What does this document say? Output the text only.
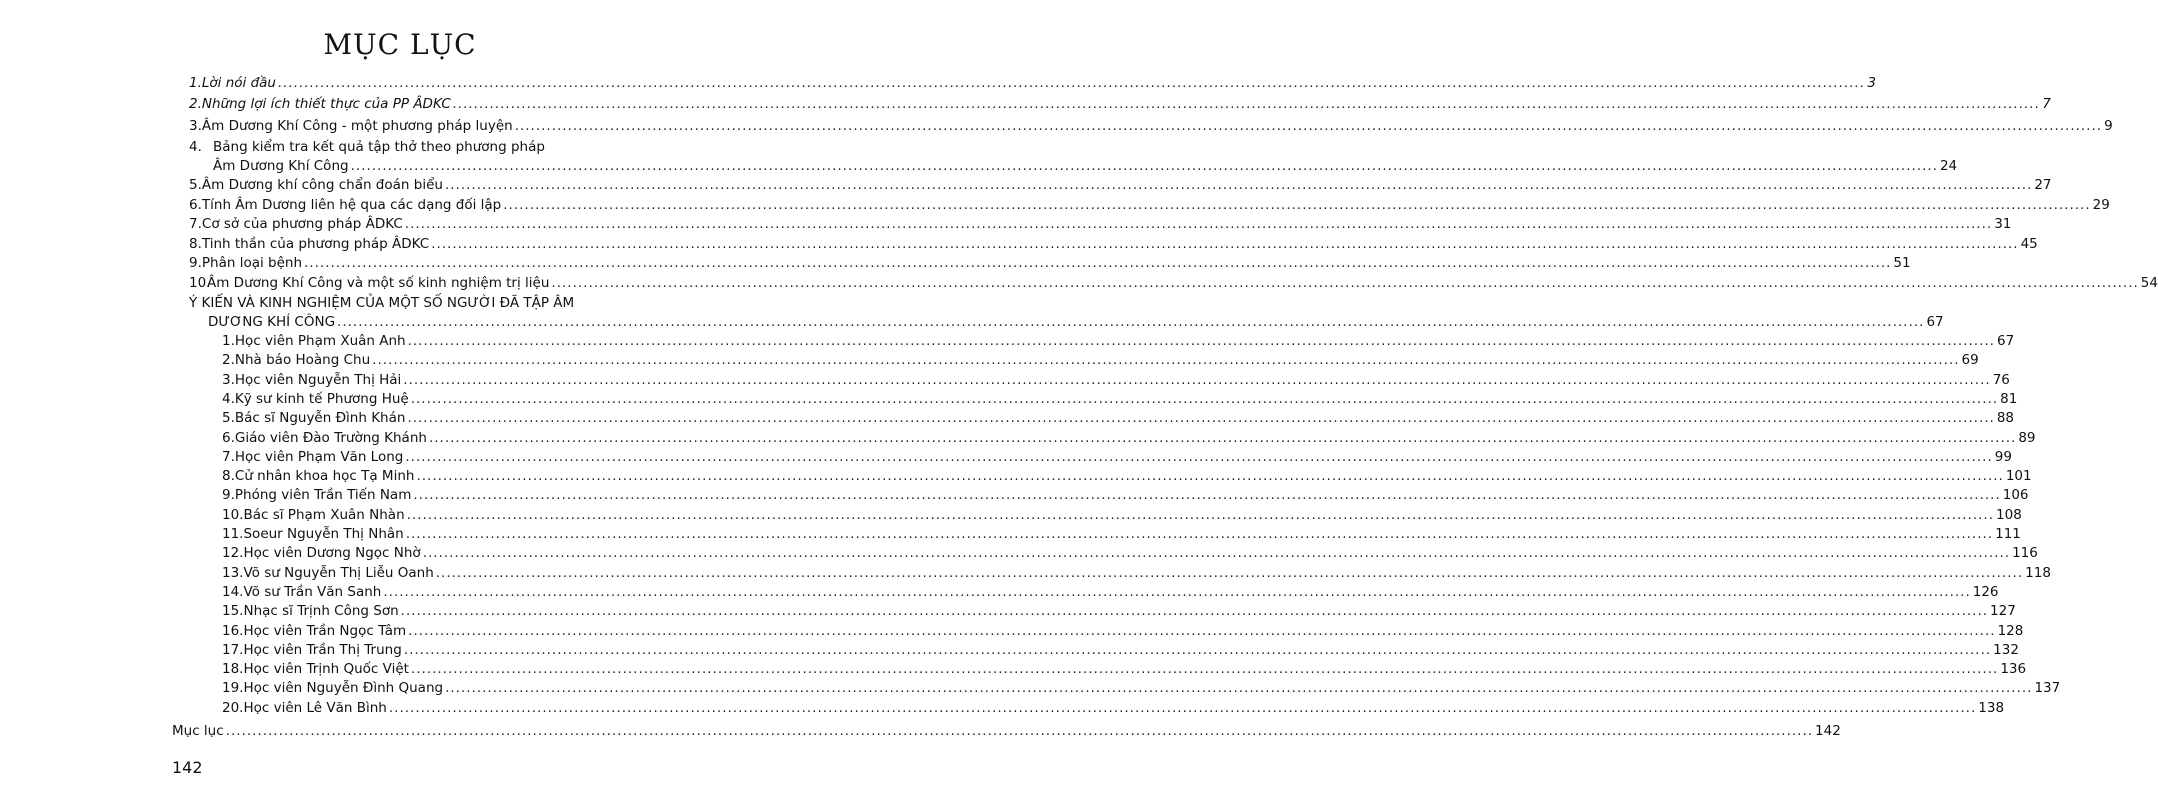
MỤC LỤC
1. Lời nói đầu ............................................................................................................................................................................................................................................................................................................ 3
2. Những lợi ích thiết thực của PP ÂDKC ............................................................................................................................................................................................................................................................................................................ 7
3. Âm Dương Khí Công - một phương pháp luyện ............................................................................................................................................................................................................................................................................................................ 9
4. Bảng kiểm tra kết quả tập thở theo phương pháp
Âm Dương Khí Công ............................................................................................................................................................................................................................................................................................................ 24
5. Âm Dương khí công chẩn đoán biểu ............................................................................................................................................................................................................................................................................................................ 27
6. Tính Âm Dương liên hệ qua các dạng đối lập ............................................................................................................................................................................................................................................................................................................ 29
7. Cơ sở của phương pháp ÂDKC ............................................................................................................................................................................................................................................................................................................ 31
8. Tinh thần của phương pháp ÂDKC ............................................................................................................................................................................................................................................................................................................ 45
9. Phân loại bệnh ............................................................................................................................................................................................................................................................................................................ 51
10.
Âm Dương Khí Công và một số kinh nghiệm trị liệu ............................................................................................................................................................................................................................................................................................................ 54
Ý KIẾN VÀ KINH NGHIỆM CỦA MỘT SỐ NGƯỜI ĐÃ TẬP ÂM
DƯƠNG KHÍ CÔNG ............................................................................................................................................................................................................................................................................................................ 67
1. Học viên Phạm Xuân Anh ............................................................................................................................................................................................................................................................................................................ 67
2. Nhà báo Hoàng Chu ............................................................................................................................................................................................................................................................................................................ 69
3. Học viên Nguyễn Thị Hải ............................................................................................................................................................................................................................................................................................................ 76
4. Kỹ sư kinh tế Phương Huệ ............................................................................................................................................................................................................................................................................................................ 81
5. Bác sĩ Nguyễn Đình Khán ............................................................................................................................................................................................................................................................................................................ 88
6. Giáo viên Đào Trường Khánh ............................................................................................................................................................................................................................................................................................................ 89
7. Học viên Phạm Văn Long ............................................................................................................................................................................................................................................................................................................ 99
8. Cử nhân khoa học Tạ Minh ............................................................................................................................................................................................................................................................................................................ 101
9. Phóng viên Trần Tiến Nam ............................................................................................................................................................................................................................................................................................................ 106
10. Bác sĩ Phạm Xuân Nhàn ............................................................................................................................................................................................................................................................................................................ 108
11. Soeur Nguyễn Thị Nhân ............................................................................................................................................................................................................................................................................................................ 111
12. Học viên Dương Ngọc Nhờ ............................................................................................................................................................................................................................................................................................................ 116
13. Võ sư Nguyễn Thị Liễu Oanh ............................................................................................................................................................................................................................................................................................................ 118
14. Võ sư Trần Văn Sanh ............................................................................................................................................................................................................................................................................................................ 126
15. Nhạc sĩ Trịnh Công Sơn ............................................................................................................................................................................................................................................................................................................ 127
16. Học viên Trần Ngọc Tâm ............................................................................................................................................................................................................................................................................................................ 128
17. Học viên Trần Thị Trung ............................................................................................................................................................................................................................................................................................................ 132
18. Học viên Trịnh Quốc Việt ............................................................................................................................................................................................................................................................................................................ 136
19. Học viên Nguyễn Đình Quang ............................................................................................................................................................................................................................................................................................................ 137
20. Học viên Lê Văn Bình ............................................................................................................................................................................................................................................................................................................ 138
Mục lục ............................................................................................................................................................................................................................................................................................................ 142
142
